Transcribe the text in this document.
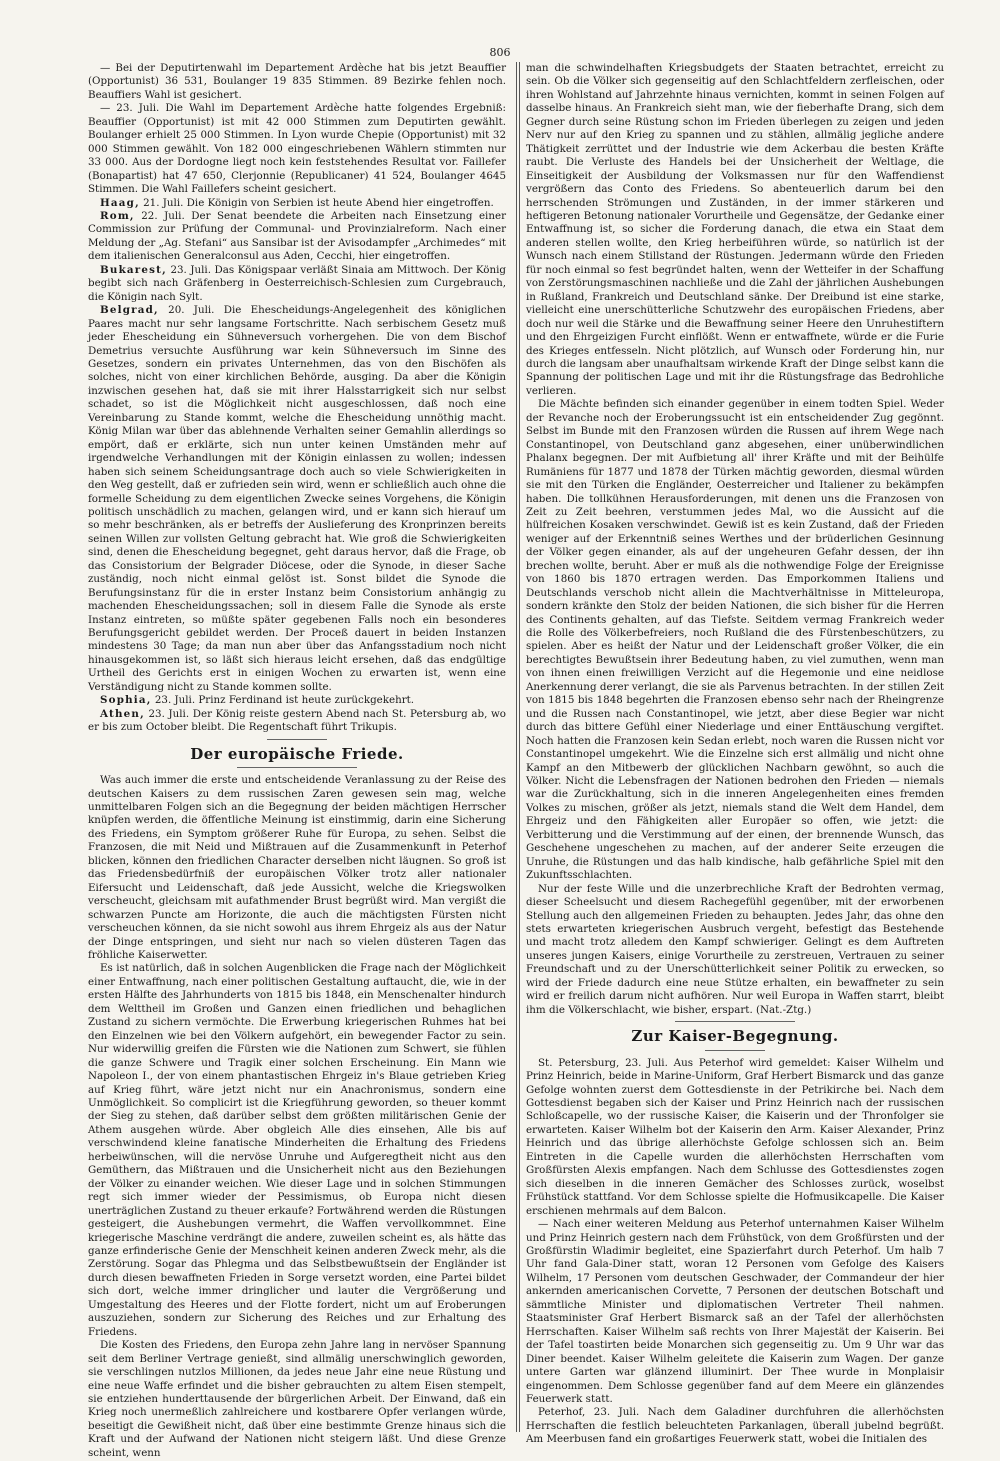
806

— Bei der Deputirtenwahl im Departement Ardèche hat bis jetzt Beauffier (Opportunist) 36 531, Boulanger 19 835 Stimmen. 89 Bezirke fehlen noch. Beauffiers Wahl ist gesichert.

— 23. Juli. Die Wahl im Departement Ardèche hatte folgendes Ergebniß: Beauffier (Opportunist) ist mit 42 000 Stimmen zum Deputirten gewählt. Boulanger erhielt 25 000 Stimmen. In Lyon wurde Chepie (Opportunist) mit 32 000 Stimmen gewählt. Von 182 000 eingeschriebenen Wählern stimmten nur 33 000. Aus der Dordogne liegt noch kein feststehendes Resultat vor. Faillefer (Bonapartist) hat 47 650, Clerjonnie (Republicaner) 41 524, Boulanger 4645 Stimmen. Die Wahl Faillefers scheint gesichert.

Haag, 21. Juli. Die Königin von Serbien ist heute Abend hier eingetroffen.

Rom, 22. Juli. Der Senat beendete die Arbeiten nach Einsetzung einer Commission zur Prüfung der Communal- und Provinzialreform. Nach einer Meldung der „Ag. Stefani“ aus Sansibar ist der Avisodampfer „Archimedes“ mit dem italienischen Generalconsul aus Aden, Cecchi, hier eingetroffen.

Bukarest, 23. Juli. Das Königspaar verläßt Sinaia am Mittwoch. Der König begibt sich nach Gräfenberg in Oesterreichisch-Schlesien zum Curgebrauch, die Königin nach Sylt.

Belgrad, 20. Juli. Die Ehescheidungs-Angelegenheit des königlichen Paares macht nur sehr langsame Fortschritte. Nach serbischem Gesetz muß jeder Ehescheidung ein Sühneversuch vorhergehen. Die von dem Bischof Demetrius versuchte Ausführung war kein Sühneversuch im Sinne des Gesetzes, sondern ein privates Unternehmen, das von den Bischöfen als solches, nicht von einer kirchlichen Behörde, ausging. Da aber die Königin inzwischen gesehen hat, daß sie mit ihrer Halsstarrigkeit sich nur selbst schadet, so ist die Möglichkeit nicht ausgeschlossen, daß noch eine Vereinbarung zu Stande kommt, welche die Ehescheidung unnöthig macht. König Milan war über das ablehnende Verhalten seiner Gemahlin allerdings so empört, daß er erklärte, sich nun unter keinen Umständen mehr auf irgendwelche Verhandlungen mit der Königin einlassen zu wollen; indessen haben sich seinem Scheidungsantrage doch auch so viele Schwierigkeiten in den Weg gestellt, daß er zufrieden sein wird, wenn er schließlich auch ohne die formelle Scheidung zu dem eigentlichen Zwecke seines Vorgehens, die Königin politisch unschädlich zu machen, gelangen wird, und er kann sich hierauf um so mehr beschränken, als er betreffs der Auslieferung des Kronprinzen bereits seinen Willen zur vollsten Geltung gebracht hat. Wie groß die Schwierigkeiten sind, denen die Ehescheidung begegnet, geht daraus hervor, daß die Frage, ob das Consistorium der Belgrader Diöcese, oder die Synode, in dieser Sache zuständig, noch nicht einmal gelöst ist. Sonst bildet die Synode die Berufungsinstanz für die in erster Instanz beim Consistorium anhängig zu machenden Ehescheidungssachen; soll in diesem Falle die Synode als erste Instanz eintreten, so müßte später gegebenen Falls noch ein besonderes Berufungsgericht gebildet werden. Der Proceß dauert in beiden Instanzen mindestens 30 Tage; da man nun aber über das Anfangsstadium noch nicht hinausgekommen ist, so läßt sich hieraus leicht ersehen, daß das endgültige Urtheil des Gerichts erst in einigen Wochen zu erwarten ist, wenn eine Verständigung nicht zu Stande kommen sollte.

Sophia, 23. Juli. Prinz Ferdinand ist heute zurückgekehrt.

Athen, 23. Juli. Der König reiste gestern Abend nach St. Petersburg ab, wo er bis zum October bleibt. Die Regentschaft führt Trikupis.

Der europäische Friede.

Was auch immer die erste und entscheidende Veranlassung zu der Reise des deutschen Kaisers zu dem russischen Zaren gewesen sein mag, welche unmittelbaren Folgen sich an die Begegnung der beiden mächtigen Herrscher knüpfen werden, die öffentliche Meinung ist einstimmig, darin eine Sicherung des Friedens, ein Symptom größerer Ruhe für Europa, zu sehen. Selbst die Franzosen, die mit Neid und Mißtrauen auf die Zusammenkunft in Peterhof blicken, können den friedlichen Character derselben nicht läugnen. So groß ist das Friedensbedürfniß der europäischen Völker trotz aller nationaler Eifersucht und Leidenschaft, daß jede Aussicht, welche die Kriegswolken verscheucht, gleichsam mit aufathmender Brust begrüßt wird. Man vergißt die schwarzen Puncte am Horizonte, die auch die mächtigsten Fürsten nicht verscheuchen können, da sie nicht sowohl aus ihrem Ehrgeiz als aus der Natur der Dinge entspringen, und sieht nur nach so vielen düsteren Tagen das fröhliche Kaiserwetter.

Es ist natürlich, daß in solchen Augenblicken die Frage nach der Möglichkeit einer Entwaffnung, nach einer politischen Gestaltung auftaucht, die, wie in der ersten Hälfte des Jahrhunderts von 1815 bis 1848, ein Menschenalter hindurch dem Welttheil im Großen und Ganzen einen friedlichen und behaglichen Zustand zu sichern vermöchte. Die Erwerbung kriegerischen Ruhmes hat bei den Einzelnen wie bei den Völkern aufgehört, ein bewegender Factor zu sein. Nur widerwillig greifen die Fürsten wie die Nationen zum Schwert, sie fühlen die ganze Schwere und Tragik einer solchen Erscheinung. Ein Mann wie Napoleon I., der von einem phantastischen Ehrgeiz in's Blaue getrieben Krieg auf Krieg führt, wäre jetzt nicht nur ein Anachronismus, sondern eine Unmöglichkeit. So complicirt ist die Kriegführung geworden, so theuer kommt der Sieg zu stehen, daß darüber selbst dem größten militärischen Genie der Athem ausgehen würde. Aber obgleich Alle dies einsehen, Alle bis auf verschwindend kleine fanatische Minderheiten die Erhaltung des Friedens herbeiwünschen, will die nervöse Unruhe und Aufgeregtheit nicht aus den Gemüthern, das Mißtrauen und die Unsicherheit nicht aus den Beziehungen der Völker zu einander weichen. Wie dieser Lage und in solchen Stimmungen regt sich immer wieder der Pessimismus, ob Europa nicht diesen unerträglichen Zustand zu theuer erkaufe? Fortwährend werden die Rüstungen gesteigert, die Aushebungen vermehrt, die Waffen vervollkommnet. Eine kriegerische Maschine verdrängt die andere, zuweilen scheint es, als hätte das ganze erfinderische Genie der Menschheit keinen anderen Zweck mehr, als die Zerstörung. Sogar das Phlegma und das Selbstbewußtsein der Engländer ist durch diesen bewaffneten Frieden in Sorge versetzt worden, eine Partei bildet sich dort, welche immer dringlicher und lauter die Vergrößerung und Umgestaltung des Heeres und der Flotte fordert, nicht um auf Eroberungen auszuziehen, sondern zur Sicherung des Reiches und zur Erhaltung des Friedens.

Die Kosten des Friedens, den Europa zehn Jahre lang in nervöser Spannung seit dem Berliner Vertrage genießt, sind allmälig unerschwinglich geworden, sie verschlingen nutzlos Millionen, da jedes neue Jahr eine neue Rüstung und eine neue Waffe erfindet und die bisher gebrauchten zu altem Eisen stempelt, sie entziehen hunderttausende der bürgerlichen Arbeit. Der Einwand, daß ein Krieg noch unermeßlich zahlreichere und kostbarere Opfer verlangen würde, beseitigt die Gewißheit nicht, daß über eine bestimmte Grenze hinaus sich die Kraft und der Aufwand der Nationen nicht steigern läßt. Und diese Grenze scheint, wenn

man die schwindelhaften Kriegsbudgets der Staaten betrachtet, erreicht zu sein. Ob die Völker sich gegenseitig auf den Schlachtfeldern zerfleischen, oder ihren Wohlstand auf Jahrzehnte hinaus vernichten, kommt in seinen Folgen auf dasselbe hinaus. An Frankreich sieht man, wie der fieberhafte Drang, sich dem Gegner durch seine Rüstung schon im Frieden überlegen zu zeigen und jeden Nerv nur auf den Krieg zu spannen und zu stählen, allmälig jegliche andere Thätigkeit zerrüttet und der Industrie wie dem Ackerbau die besten Kräfte raubt. Die Verluste des Handels bei der Unsicherheit der Weltlage, die Einseitigkeit der Ausbildung der Volksmassen nur für den Waffendienst vergrößern das Conto des Friedens. So abenteuerlich darum bei den herrschenden Strömungen und Zuständen, in der immer stärkeren und heftigeren Betonung nationaler Vorurtheile und Gegensätze, der Gedanke einer Entwaffnung ist, so sicher die Forderung danach, die etwa ein Staat dem anderen stellen wollte, den Krieg herbeiführen würde, so natürlich ist der Wunsch nach einem Stillstand der Rüstungen. Jedermann würde den Frieden für noch einmal so fest begründet halten, wenn der Wetteifer in der Schaffung von Zerstörungsmaschinen nachließe und die Zahl der jährlichen Aushebungen in Rußland, Frankreich und Deutschland sänke. Der Dreibund ist eine starke, vielleicht eine unerschütterliche Schutzwehr des europäischen Friedens, aber doch nur weil die Stärke und die Bewaffnung seiner Heere den Unruhestiftern und den Ehrgeizigen Furcht einflößt. Wenn er entwaffnete, würde er die Furie des Krieges entfesseln. Nicht plötzlich, auf Wunsch oder Forderung hin, nur durch die langsam aber unaufhaltsam wirkende Kraft der Dinge selbst kann die Spannung der politischen Lage und mit ihr die Rüstungsfrage das Bedrohliche verlieren.

Die Mächte befinden sich einander gegenüber in einem todten Spiel. Weder der Revanche noch der Eroberungssucht ist ein entscheidender Zug gegönnt. Selbst im Bunde mit den Franzosen würden die Russen auf ihrem Wege nach Constantinopel, von Deutschland ganz abgesehen, einer unüberwindlichen Phalanx begegnen. Der mit Aufbietung all' ihrer Kräfte und mit der Beihülfe Rumäniens für 1877 und 1878 der Türken mächtig geworden, diesmal würden sie mit den Türken die Engländer, Oesterreicher und Italiener zu bekämpfen haben. Die tollkühnen Herausforderungen, mit denen uns die Franzosen von Zeit zu Zeit beehren, verstummen jedes Mal, wo die Aussicht auf die hülfreichen Kosaken verschwindet. Gewiß ist es kein Zustand, daß der Frieden weniger auf der Erkenntniß seines Werthes und der brüderlichen Gesinnung der Völker gegen einander, als auf der ungeheuren Gefahr dessen, der ihn brechen wollte, beruht. Aber er muß als die nothwendige Folge der Ereignisse von 1860 bis 1870 ertragen werden. Das Emporkommen Italiens und Deutschlands verschob nicht allein die Machtverhältnisse in Mitteleuropa, sondern kränkte den Stolz der beiden Nationen, die sich bisher für die Herren des Continents gehalten, auf das Tiefste. Seitdem vermag Frankreich weder die Rolle des Völkerbefreiers, noch Rußland die des Fürstenbeschützers, zu spielen. Aber es heißt der Natur und der Leidenschaft großer Völker, die ein berechtigtes Bewußtsein ihrer Bedeutung haben, zu viel zumuthen, wenn man von ihnen einen freiwilligen Verzicht auf die Hegemonie und eine neidlose Anerkennung derer verlangt, die sie als Parvenus betrachten. In der stillen Zeit von 1815 bis 1848 begehrten die Franzosen ebenso sehr nach der Rheingrenze und die Russen nach Constantinopel, wie jetzt, aber diese Begier war nicht durch das bittere Gefühl einer Niederlage und einer Enttäuschung vergiftet. Noch hatten die Franzosen kein Sedan erlebt, noch waren die Russen nicht vor Constantinopel umgekehrt. Wie die Einzelne sich erst allmälig und nicht ohne Kampf an den Mitbewerb der glücklichen Nachbarn gewöhnt, so auch die Völker. Nicht die Lebensfragen der Nationen bedrohen den Frieden — niemals war die Zurückhaltung, sich in die inneren Angelegenheiten eines fremden Volkes zu mischen, größer als jetzt, niemals stand die Welt dem Handel, dem Ehrgeiz und den Fähigkeiten aller Europäer so offen, wie jetzt: die Verbitterung und die Verstimmung auf der einen, der brennende Wunsch, das Geschehene ungeschehen zu machen, auf der anderer Seite erzeugen die Unruhe, die Rüstungen und das halb kindische, halb gefährliche Spiel mit den Zukunftsschlachten.

Nur der feste Wille und die unzerbrechliche Kraft der Bedrohten vermag, dieser Scheelsucht und diesem Rachegefühl gegenüber, mit der erworbenen Stellung auch den allgemeinen Frieden zu behaupten. Jedes Jahr, das ohne den stets erwarteten kriegerischen Ausbruch vergeht, befestigt das Bestehende und macht trotz alledem den Kampf schwieriger. Gelingt es dem Auftreten unseres jungen Kaisers, einige Vorurtheile zu zerstreuen, Vertrauen zu seiner Freundschaft und zu der Unerschütterlichkeit seiner Politik zu erwecken, so wird der Friede dadurch eine neue Stütze erhalten, ein bewaffneter zu sein wird er freilich darum nicht aufhören. Nur weil Europa in Waffen starrt, bleibt ihm die Völkerschlacht, wie bisher, erspart. (Nat.-Ztg.)

Zur Kaiser-Begegnung.

St. Petersburg, 23. Juli. Aus Peterhof wird gemeldet: Kaiser Wilhelm und Prinz Heinrich, beide in Marine-Uniform, Graf Herbert Bismarck und das ganze Gefolge wohnten zuerst dem Gottesdienste in der Petrikirche bei. Nach dem Gottesdienst begaben sich der Kaiser und Prinz Heinrich nach der russischen Schloßcapelle, wo der russische Kaiser, die Kaiserin und der Thronfolger sie erwarteten. Kaiser Wilhelm bot der Kaiserin den Arm. Kaiser Alexander, Prinz Heinrich und das übrige allerhöchste Gefolge schlossen sich an. Beim Eintreten in die Capelle wurden die allerhöchsten Herrschaften vom Großfürsten Alexis empfangen. Nach dem Schlusse des Gottesdienstes zogen sich dieselben in die inneren Gemächer des Schlosses zurück, woselbst Frühstück stattfand. Vor dem Schlosse spielte die Hofmusikcapelle. Die Kaiser erschienen mehrmals auf dem Balcon.

— Nach einer weiteren Meldung aus Peterhof unternahmen Kaiser Wilhelm und Prinz Heinrich gestern nach dem Frühstück, von dem Großfürsten und der Großfürstin Wladimir begleitet, eine Spazierfahrt durch Peterhof. Um halb 7 Uhr fand Gala-Diner statt, woran 12 Personen vom Gefolge des Kaisers Wilhelm, 17 Personen vom deutschen Geschwader, der Commandeur der hier ankernden americanischen Corvette, 7 Personen der deutschen Botschaft und sämmtliche Minister und diplomatischen Vertreter Theil nahmen. Staatsminister Graf Herbert Bismarck saß an der Tafel der allerhöchsten Herrschaften. Kaiser Wilhelm saß rechts von Ihrer Majestät der Kaiserin. Bei der Tafel toastirten beide Monarchen sich gegenseitig zu. Um 9 Uhr war das Diner beendet. Kaiser Wilhelm geleitete die Kaiserin zum Wagen. Der ganze untere Garten war glänzend illuminirt. Der Thee wurde in Monplaisir eingenommen. Dem Schlosse gegenüber fand auf dem Meere ein glänzendes Feuerwerk statt.

Peterhof, 23. Juli. Nach dem Galadiner durchfuhren die allerhöchsten Herrschaften die festlich beleuchteten Parkanlagen, überall jubelnd begrüßt. Am Meerbusen fand ein großartiges Feuerwerk statt, wobei die Initialen des
